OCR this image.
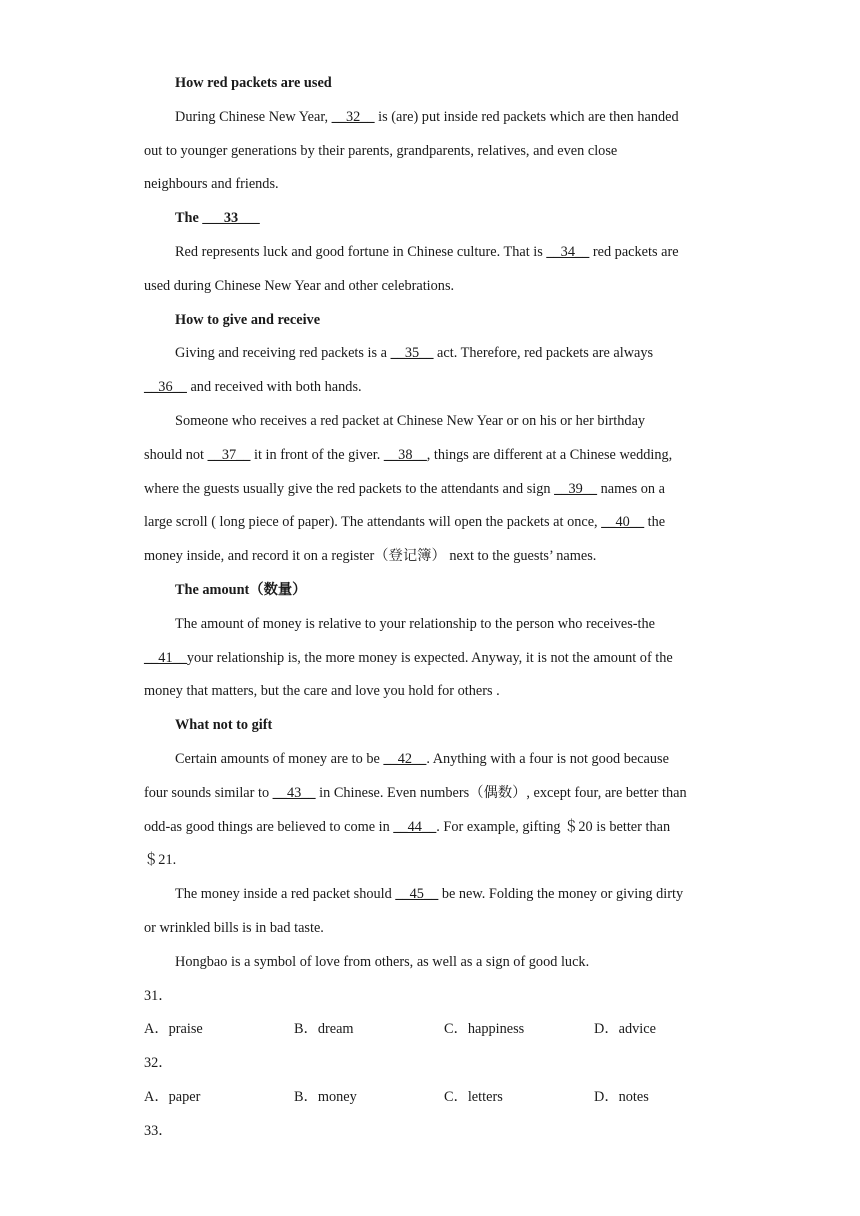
How red packets are used
During Chinese New Year, __32__ is (are) put inside red packets which are then handed
out to younger generations by their parents, grandparents, relatives, and even close
neighbours and friends.
The ___33___
Red represents luck and good fortune in Chinese culture. That is __34__ red packets are
used during Chinese New Year and other celebrations.
How to give and receive
Giving and receiving red packets is a __35__ act. Therefore, red packets are always
__36__ and received with both hands.
Someone who receives a red packet at Chinese New Year or on his or her birthday
should not __37__ it in front of the giver. __38__, things are different at a Chinese wedding,
where the guests usually give the red packets to the attendants and sign __39__ names on a
large scroll ( long piece of paper). The attendants will open the packets at once, __40__ the
money inside, and record it on a register（登记簿） next to the guests’ names.
The amount（数量）
The amount of money is relative to your relationship to the person who receives-the
__41__your relationship is, the more money is expected. Anyway, it is not the amount of the
money that matters, but the care and love you hold for others .
What not to gift
Certain amounts of money are to be __42__. Anything with a four is not good because
four sounds similar to __43__ in Chinese. Even numbers（偶数）, except four, are better than
odd-as good things are believed to come in __44__. For example, gifting ＄20 is better than
＄21.
The money inside a red packet should __45__ be new. Folding the money or giving dirty
or wrinkled bills is in bad taste.
Hongbao is a symbol of love from others, as well as a sign of good luck.
31．
A．praise	B．dream	C．happiness	D．advice
32．
A．paper	B．money	C．letters	D．notes
33．
